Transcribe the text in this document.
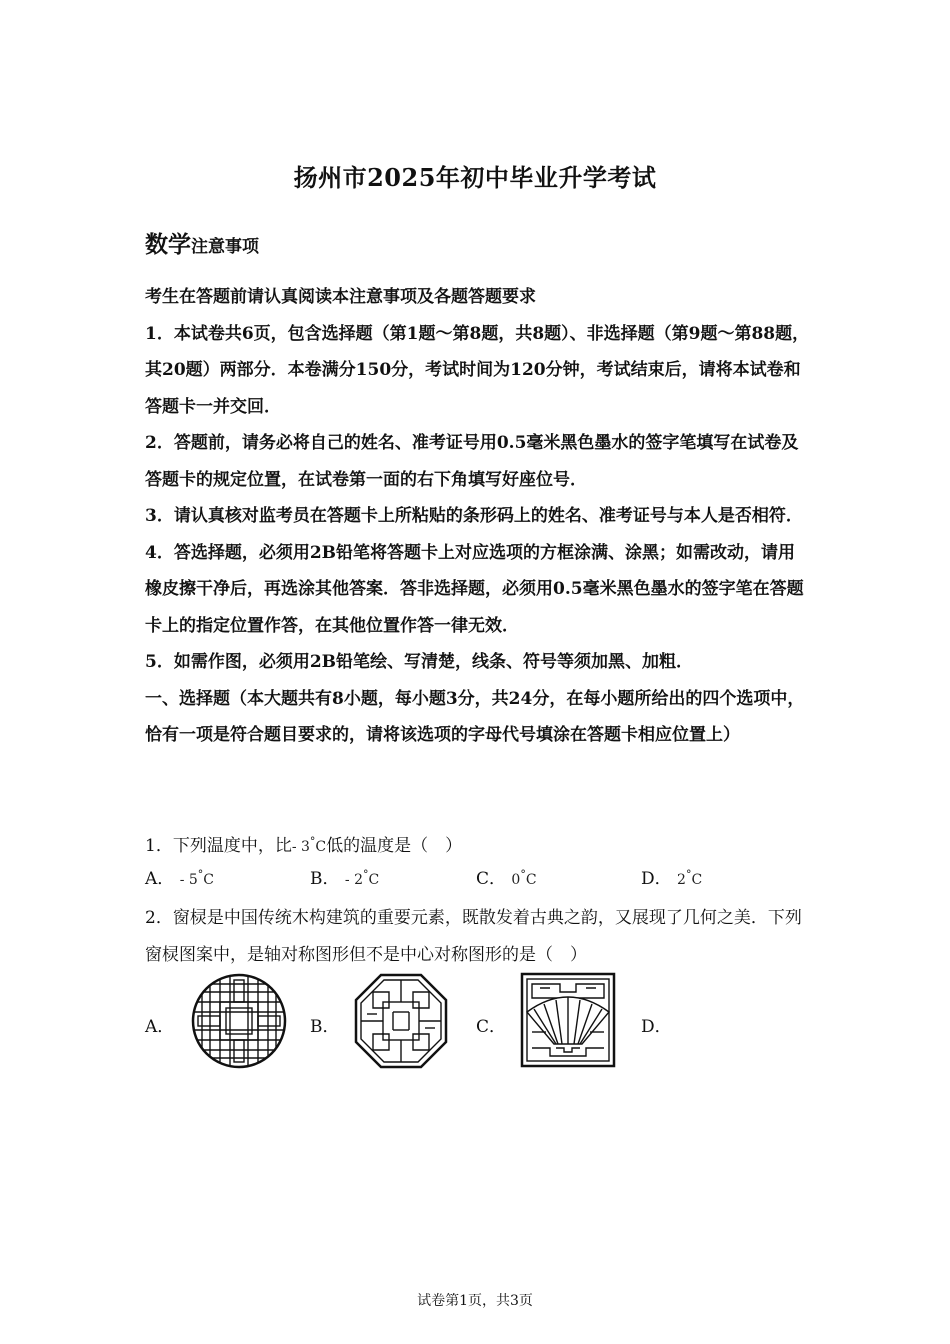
扬州市2025年初中毕业升学考试
数学注意事项

考生在答题前请认真阅读本注意事项及各题答题要求

1．本试卷共6页，包含选择题（第1题～第8题，共8题）、非选择题（第9题～第88题，其20题）两部分．本卷满分150分，考试时间为120分钟，考试结束后，请将本试卷和答题卡一并交回．

2．答题前，请务必将自己的姓名、准考证号用0.5毫米黑色墨水的签字笔填写在试卷及答题卡的规定位置，在试卷第一面的右下角填写好座位号．

3．请认真核对监考员在答题卡上所粘贴的条形码上的姓名、准考证号与本人是否相符．

4．答选择题，必须用2B铅笔将答题卡上对应选项的方框涂满、涂黑；如需改动，请用橡皮擦干净后，再选涂其他答案．答非选择题，必须用0.5毫米黑色墨水的签字笔在答题卡上的指定位置作答，在其他位置作答一律无效．

5．如需作图，必须用2B铅笔绘、写清楚，线条、符号等须加黑、加粗．

一、选择题（本大题共有8小题，每小题3分，共24分，在每小题所给出的四个选项中，恰有一项是符合题目要求的，请将该选项的字母代号填涂在答题卡相应位置上）

1．下列温度中，比- 3°C低的温度是（　）

A． - 5°C	B． - 2°C	C． 0°C	D． 2°C

2．窗棂是中国传统木构建筑的重要元素，既散发着古典之韵，又展现了几何之美．下列窗棂图案中，是轴对称图形但不是中心对称图形的是（　）

A．	B．	C．	D．
试卷第1页，共3页
